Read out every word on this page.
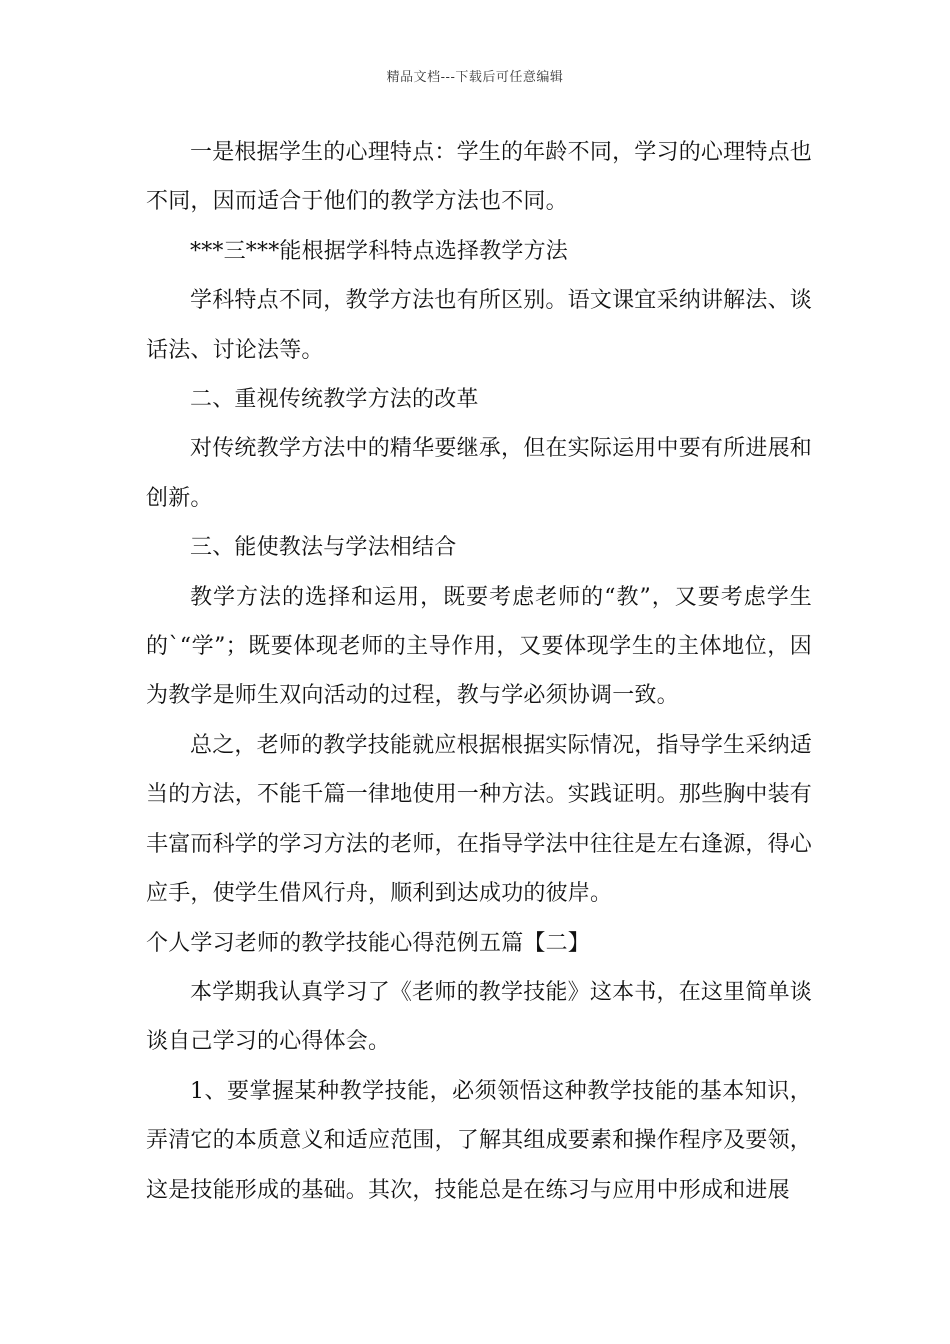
精品文档---下载后可任意编辑

一是根据学生的心理特点：学生的年龄不同，学习的心理特点也不同，因而适合于他们的教学方法也不同。

***三***能根据学科特点选择教学方法

学科特点不同，教学方法也有所区别。语文课宜采纳讲解法、谈话法、讨论法等。

二、重视传统教学方法的改革

对传统教学方法中的精华要继承，但在实际运用中要有所进展和创新。

三、能使教法与学法相结合

教学方法的选择和运用，既要考虑老师的“教”，又要考虑学生的`“学”；既要体现老师的主导作用，又要体现学生的主体地位，因为教学是师生双向活动的过程，教与学必须协调一致。

总之，老师的教学技能就应根据根据实际情况，指导学生采纳适当的方法，不能千篇一律地使用一种方法。实践证明。那些胸中装有丰富而科学的学习方法的老师，在指导学法中往往是左右逢源，得心应手，使学生借风行舟，顺利到达成功的彼岸。

个人学习老师的教学技能心得范例五篇【二】

本学期我认真学习了《老师的教学技能》这本书，在这里简单谈谈自己学习的心得体会。

1、要掌握某种教学技能，必须领悟这种教学技能的基本知识，弄清它的本质意义和适应范围，了解其组成要素和操作程序及要领，这是技能形成的基础。其次，技能总是在练习与应用中形成和进展
